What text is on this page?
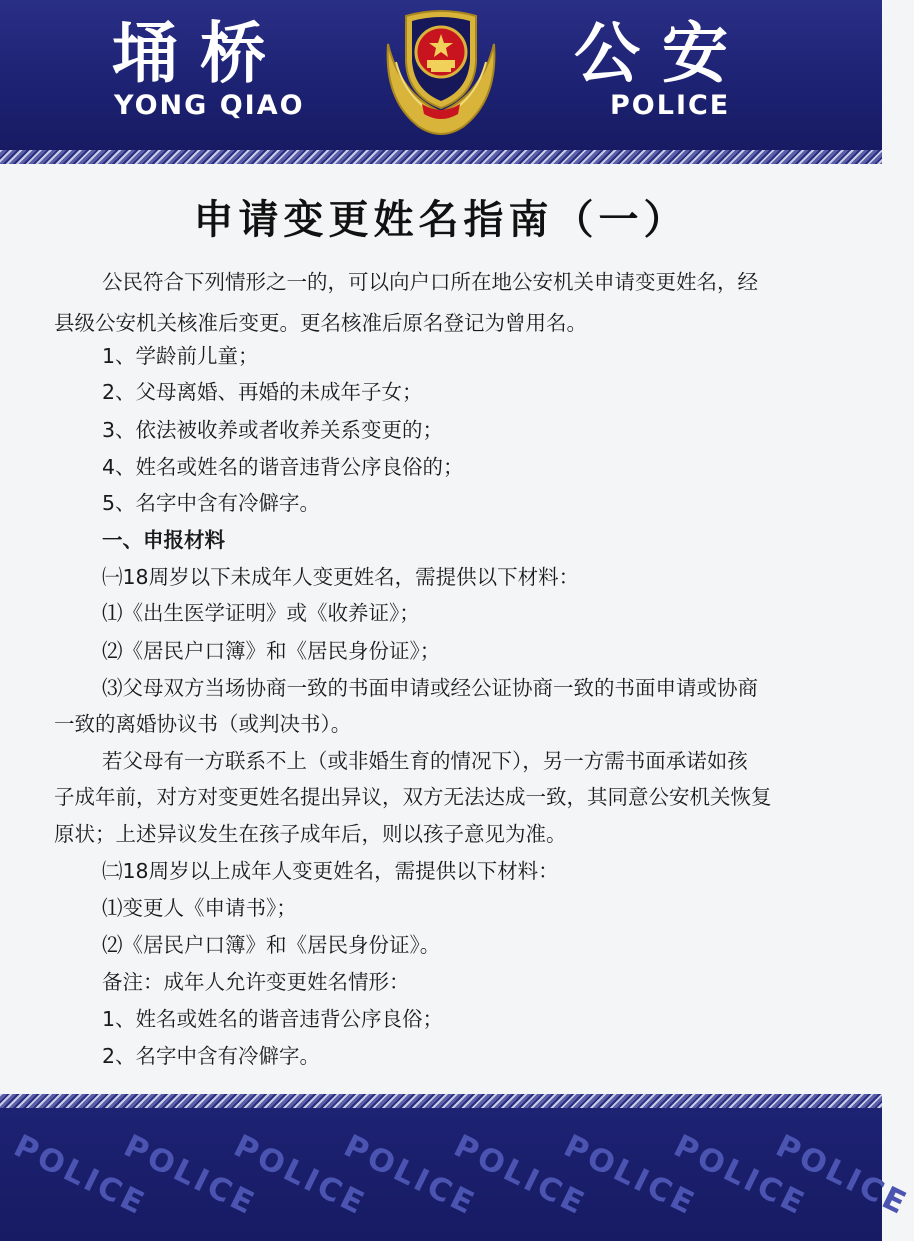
埇桥
YONG QIAO
公安
POLICE
申请变更姓名指南（一）
公民符合下列情形之一的，可以向户口所在地公安机关申请变更姓名，经
县级公安机关核准后变更。更名核准后原名登记为曾用名。
1、学龄前儿童；
2、父母离婚、再婚的未成年子女；
3、依法被收养或者收养关系变更的；
4、姓名或姓名的谐音违背公序良俗的；
5、名字中含有冷僻字。
一、申报材料
㈠18周岁以下未成年人变更姓名，需提供以下材料：
⑴《出生医学证明》或《收养证》；
⑵《居民户口簿》和《居民身份证》；
⑶父母双方当场协商一致的书面申请或经公证协商一致的书面申请或协商
一致的离婚协议书（或判决书）。
若父母有一方联系不上（或非婚生育的情况下），另一方需书面承诺如孩
子成年前，对方对变更姓名提出异议，双方无法达成一致，其同意公安机关恢复
原状；上述异议发生在孩子成年后，则以孩子意见为准。
㈡18周岁以上成年人变更姓名，需提供以下材料：
⑴变更人《申请书》；
⑵《居民户口簿》和《居民身份证》。
备注：成年人允许变更姓名情形：
1、姓名或姓名的谐音违背公序良俗；
2、名字中含有冷僻字。
POLICE
POLICE
POLICE
POLICE
POLICE
POLICE
POLICE
POLICE
